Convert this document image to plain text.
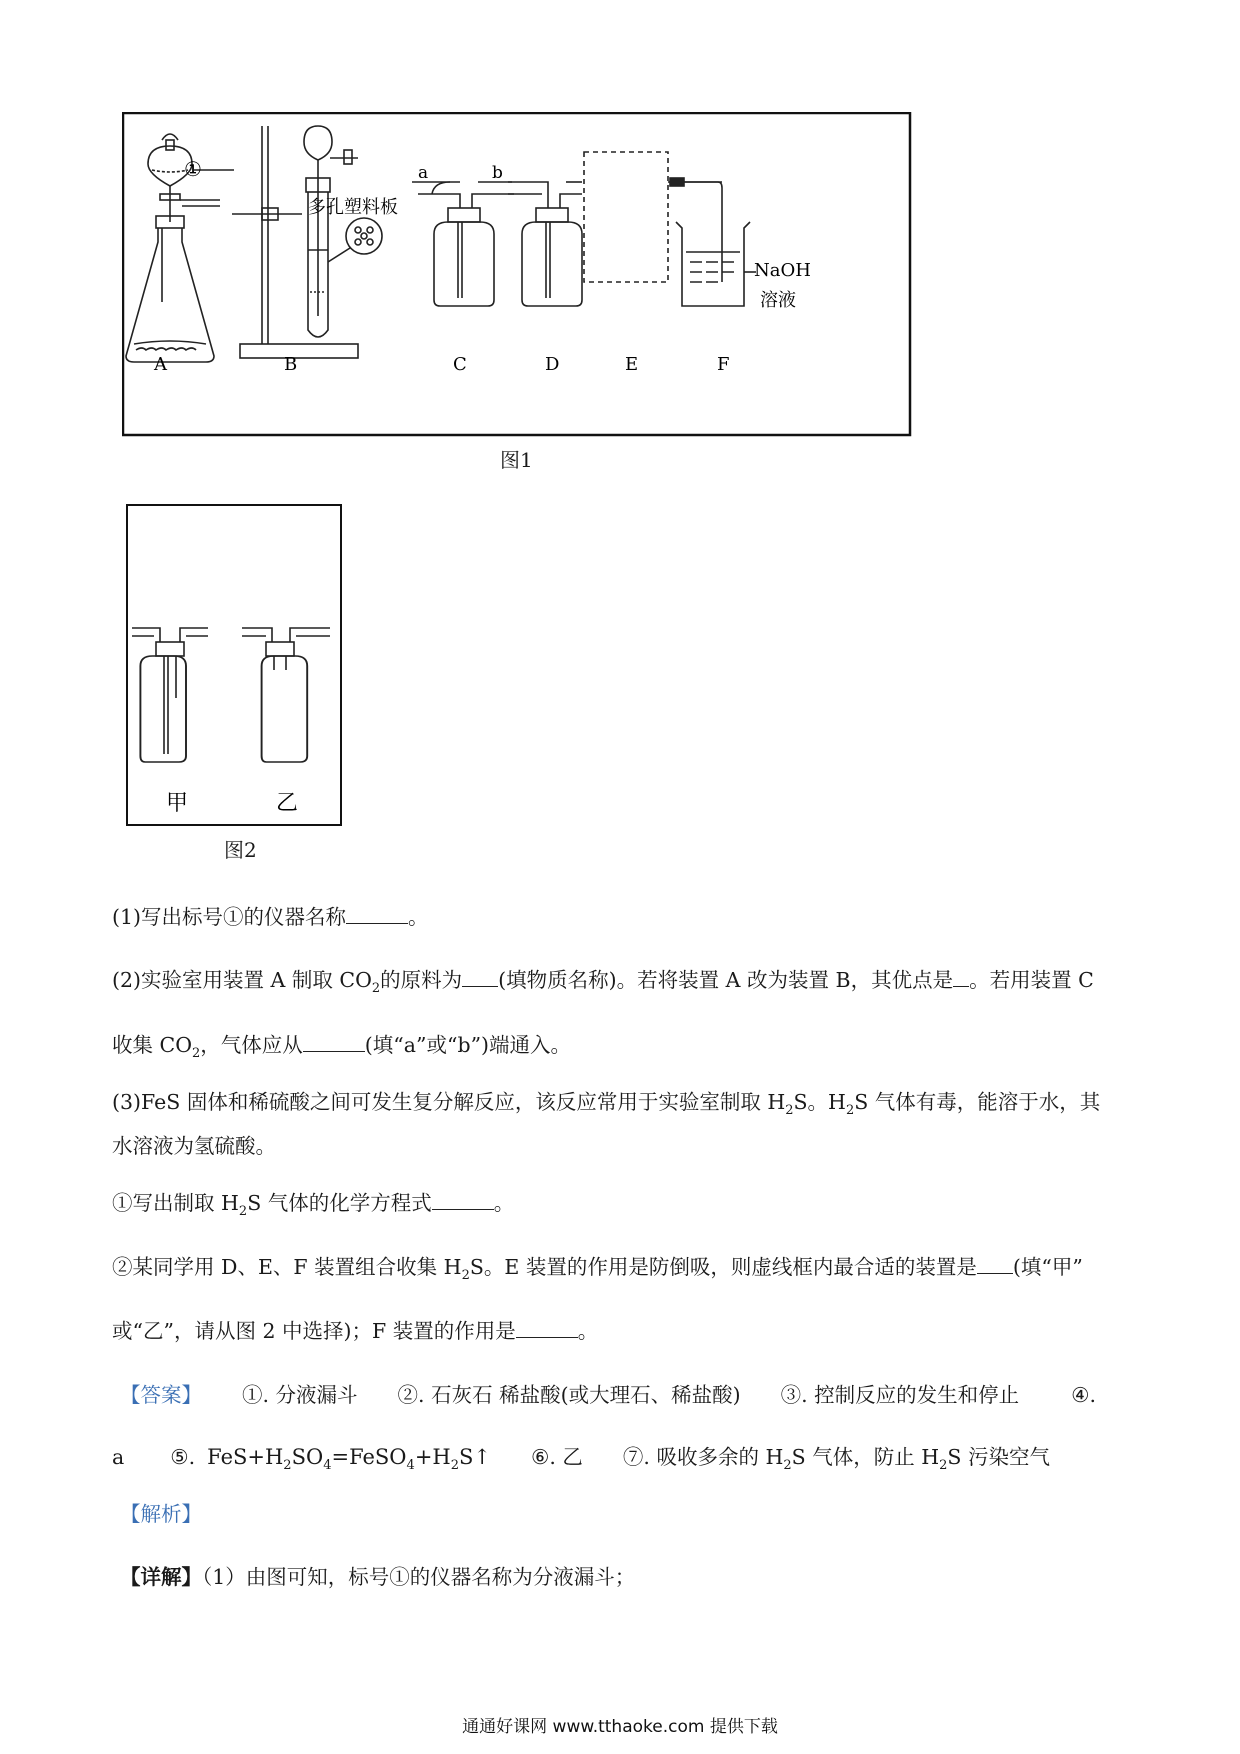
①
多孔塑料板
a	b
NaOH
溶液
A	B	C	D	E	F
图1
甲	乙
图2
(1)写出标号①的仪器名称	。
(2)实验室用装置 A 制取 $CO_2$的原料为 (填物质名称)。若将装置 A 改为装置 B，其优点是 。若用装置 C
收集 $CO_2$，气体应从	(填“a”或“b”)端通入。
(3)FeS 固体和稀硫酸之间可发生复分解反应，该反应常用于实验室制取 $H_2S$。$H_2S$ 气体有毒，能溶于水，其
水溶液为氢硫酸。
①写出制取 $H_2S$ 气体的化学方程式	。
②某同学用 D、E、F 装置组合收集 $H_2S$。E 装置的作用是防倒吸，则虚线框内最合适的装置是 (填“甲”
或“乙”，请从图 2 中选择)；F 装置的作用是	。
【答案】 ①. 分液漏斗 ②. 石灰石 稀盐酸(或大理石、稀盐酸) ③. 控制反应的发生和停止	④.
a ⑤. $FeS+H_2SO_4=FeSO_4+H_2S↑$ ⑥. 乙 ⑦. 吸收多余的 $H_2S$ 气体，防止 $H_2S$ 污染空气
【解析】
【详解】（1）由图可知，标号①的仪器名称为分液漏斗；
通通好课网 www.tthaoke.com 提供下载
